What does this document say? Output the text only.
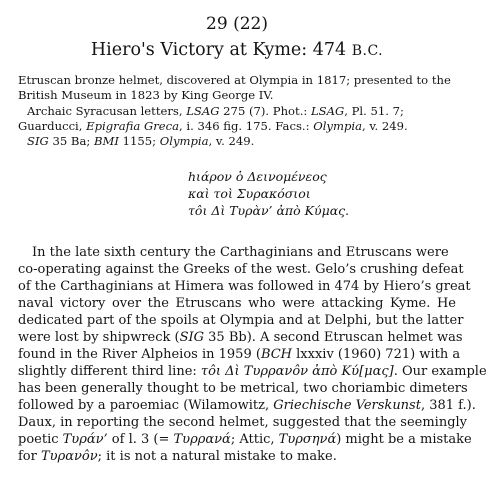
29 (22)
Hiero's Victory at Kyme: 474 B.C.
Etruscan bronze helmet, discovered at Olympia in 1817; presented to the
British Museum in 1823 by King George IV.
Archaic Syracusan letters, LSAG 275 (7). Phot.: LSAG, Pl. 51. 7;
Guarducci, Epigrafia Greca, i. 346 fig. 175. Facs.: Olympia, v. 249.
SIG 35 Ba; BMI 1155; Olympia, v. 249.
hιάρον ὁ Δεινομένεος
καὶ τοὶ Συρακόσιοι
τôι Δὶ Τυρὰν’ ἀπὸ Κύμας.
In the late sixth century the Carthaginians and Etruscans were
co-operating against the Greeks of the west. Gelo’s crushing defeat
of the Carthaginians at Himera was followed in 474 by Hiero’s great
naval victory over the Etruscans who were attacking Kyme. He
dedicated part of the spoils at Olympia and at Delphi, but the latter
were lost by shipwreck (SIG 35 Bb). A second Etruscan helmet was
found in the River Alpheios in 1959 (BCH lxxxiv (1960) 721) with a
slightly different third line: τôι Δὶ Τυρρανôν ἀπὸ Κύ[μας]. Our example
has been generally thought to be metrical, two choriambic dimeters
followed by a paroemiac (Wilamowitz, Griechische Verskunst, 381 f.).
Daux, in reporting the second helmet, suggested that the seemingly
poetic Τυράν’ of l. 3 (= Τυρρανά; Attic, Τυρσηνά) might be a mistake
for Τυρανôν; it is not a natural mistake to make.
